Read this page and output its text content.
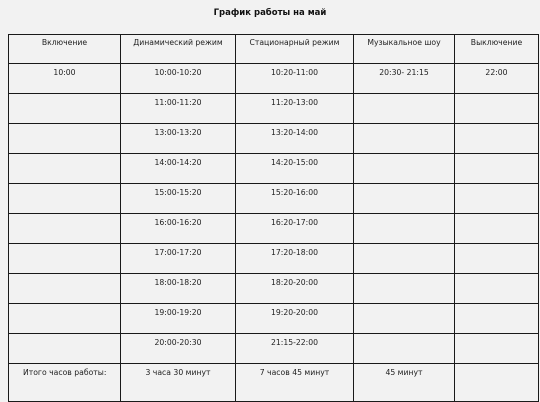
График работы на май
Включение	Динамический режим	Стационарный режим	Музыкальное шоу	Выключение
10:00	10:00-10:20	10:20-11:00	20:30- 21:15	22:00
	11:00-11:20	11:20-13:00		
	13:00-13:20	13:20-14:00		
	14:00-14:20	14:20-15:00		
	15:00-15:20	15:20-16:00		
	16:00-16:20	16:20-17:00		
	17:00-17:20	17:20-18:00		
	18:00-18:20	18:20-20:00		
	19:00-19:20	19:20-20:00		
	20:00-20:30	21:15-22:00		
Итого часов работы:	3 часа 30 минут	7 часов 45 минут	45 минут	
